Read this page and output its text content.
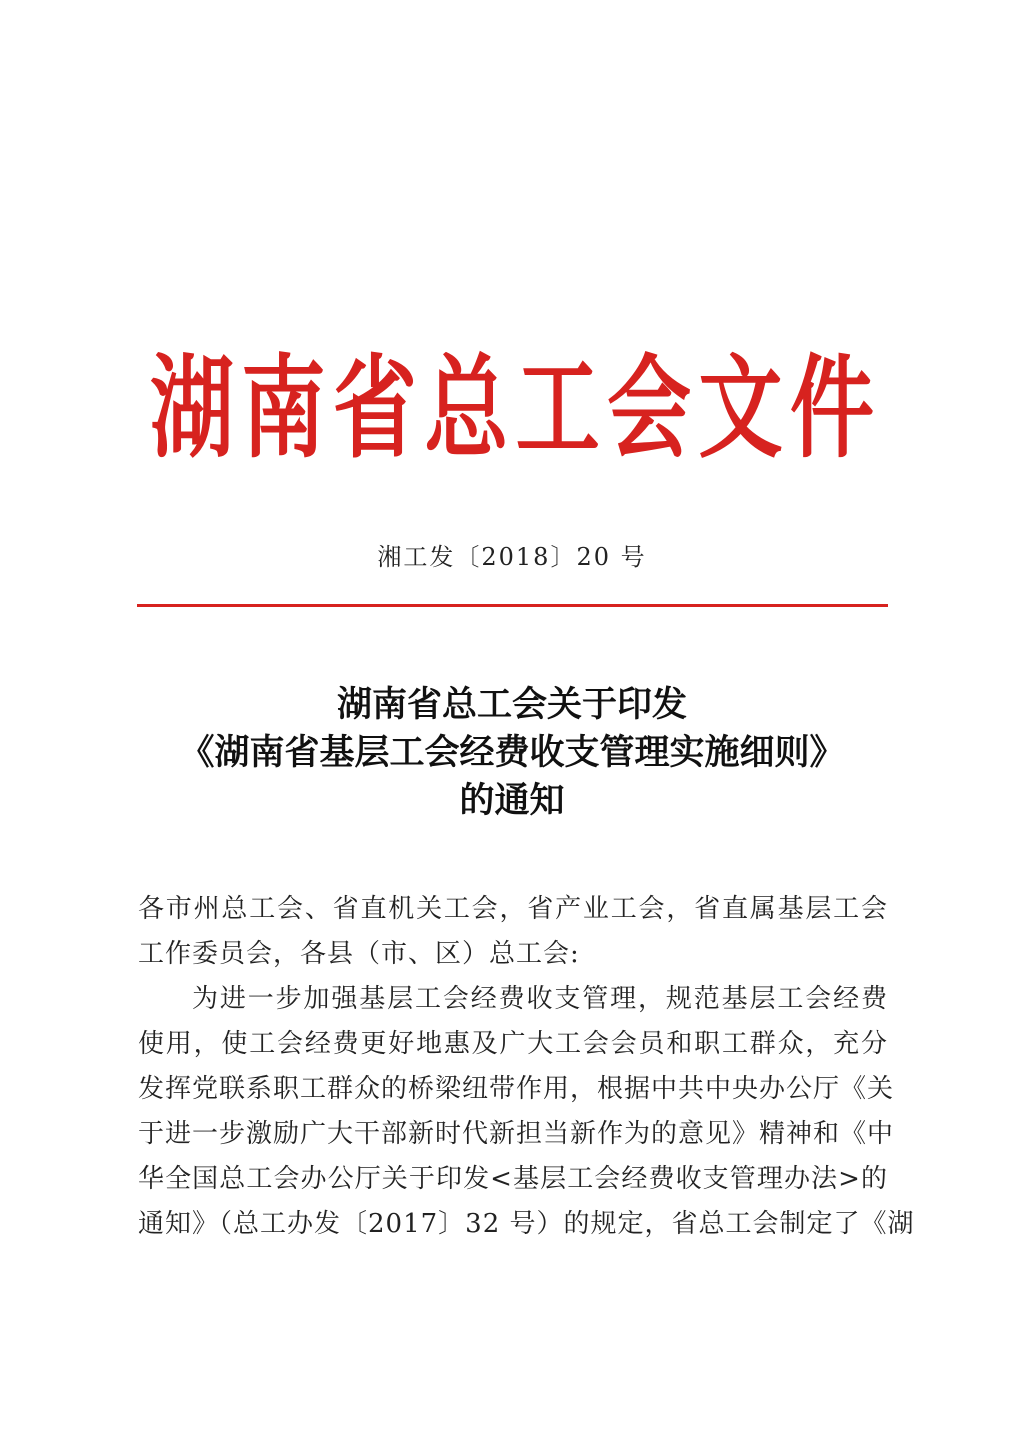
湖 南 省 总 工 会 文 件
湘工发〔2018〕20 号
湖南省总工会关于印发
《湖南省基层工会经费收支管理实施细则》
的通知
各市州总工会、省直机关工会，省产业工会，省直属基层工会
工作委员会，各县（市、区）总工会:
为进一步加强基层工会经费收支管理，规范基层工会经费
使用，使工会经费更好地惠及广大工会会员和职工群众，充分
发挥党联系职工群众的桥梁纽带作用，根据中共中央办公厅《关
于进一步激励广大干部新时代新担当新作为的意见》精神和《中
华全国总工会办公厅关于印发<基层工会经费收支管理办法>的
通知》（总工办发〔2017〕32 号）的规定，省总工会制定了《湖
